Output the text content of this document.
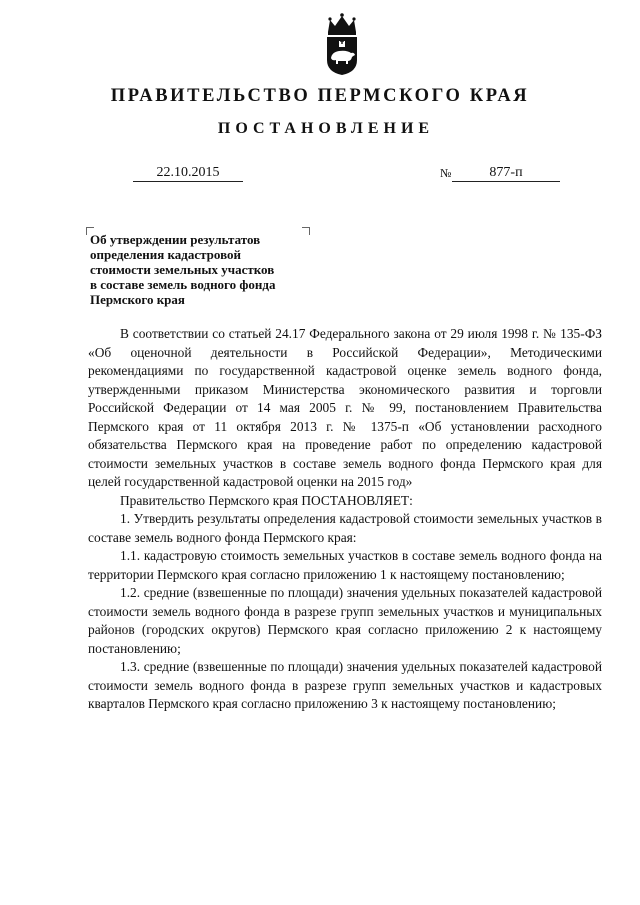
ПРАВИТЕЛЬСТВО ПЕРМСКОГО КРАЯ
ПОСТАНОВЛЕНИЕ
22.10.2015	№	877-п
Об утверждении результатов
определения кадастровой
стоимости земельных участков
в составе земель водного фонда
Пермского края

В соответствии со статьей 24.17 Федерального закона от 29 июля 1998 г. № 135-ФЗ «Об оценочной деятельности в Российской Федерации», Методическими рекомендациями по государственной кадастровой оценке земель водного фонда, утвержденными приказом Министерства экономического развития и торговли Российской Федерации от 14 мая 2005 г. № 99, постановлением Правительства Пермского края от 11 октября 2013 г. № 1375-п «Об установлении расходного обязательства Пермского края на проведение работ по определению кадастровой стоимости земельных участков в составе земель водного фонда Пермского края для целей государственной кадастровой оценки на 2015 год»

Правительство Пермского края ПОСТАНОВЛЯЕТ:

1. Утвердить результаты определения кадастровой стоимости земельных участков в составе земель водного фонда Пермского края:

1.1. кадастровую стоимость земельных участков в составе земель водного фонда на территории Пермского края согласно приложению 1 к настоящему постановлению;

1.2. средние (взвешенные по площади) значения удельных показателей кадастровой стоимости земель водного фонда в разрезе групп земельных участков и муниципальных районов (городских округов) Пермского края согласно приложению 2 к настоящему постановлению;

1.3. средние (взвешенные по площади) значения удельных показателей кадастровой стоимости земель водного фонда в разрезе групп земельных участков и кадастровых кварталов Пермского края согласно приложению 3 к настоящему постановлению;
